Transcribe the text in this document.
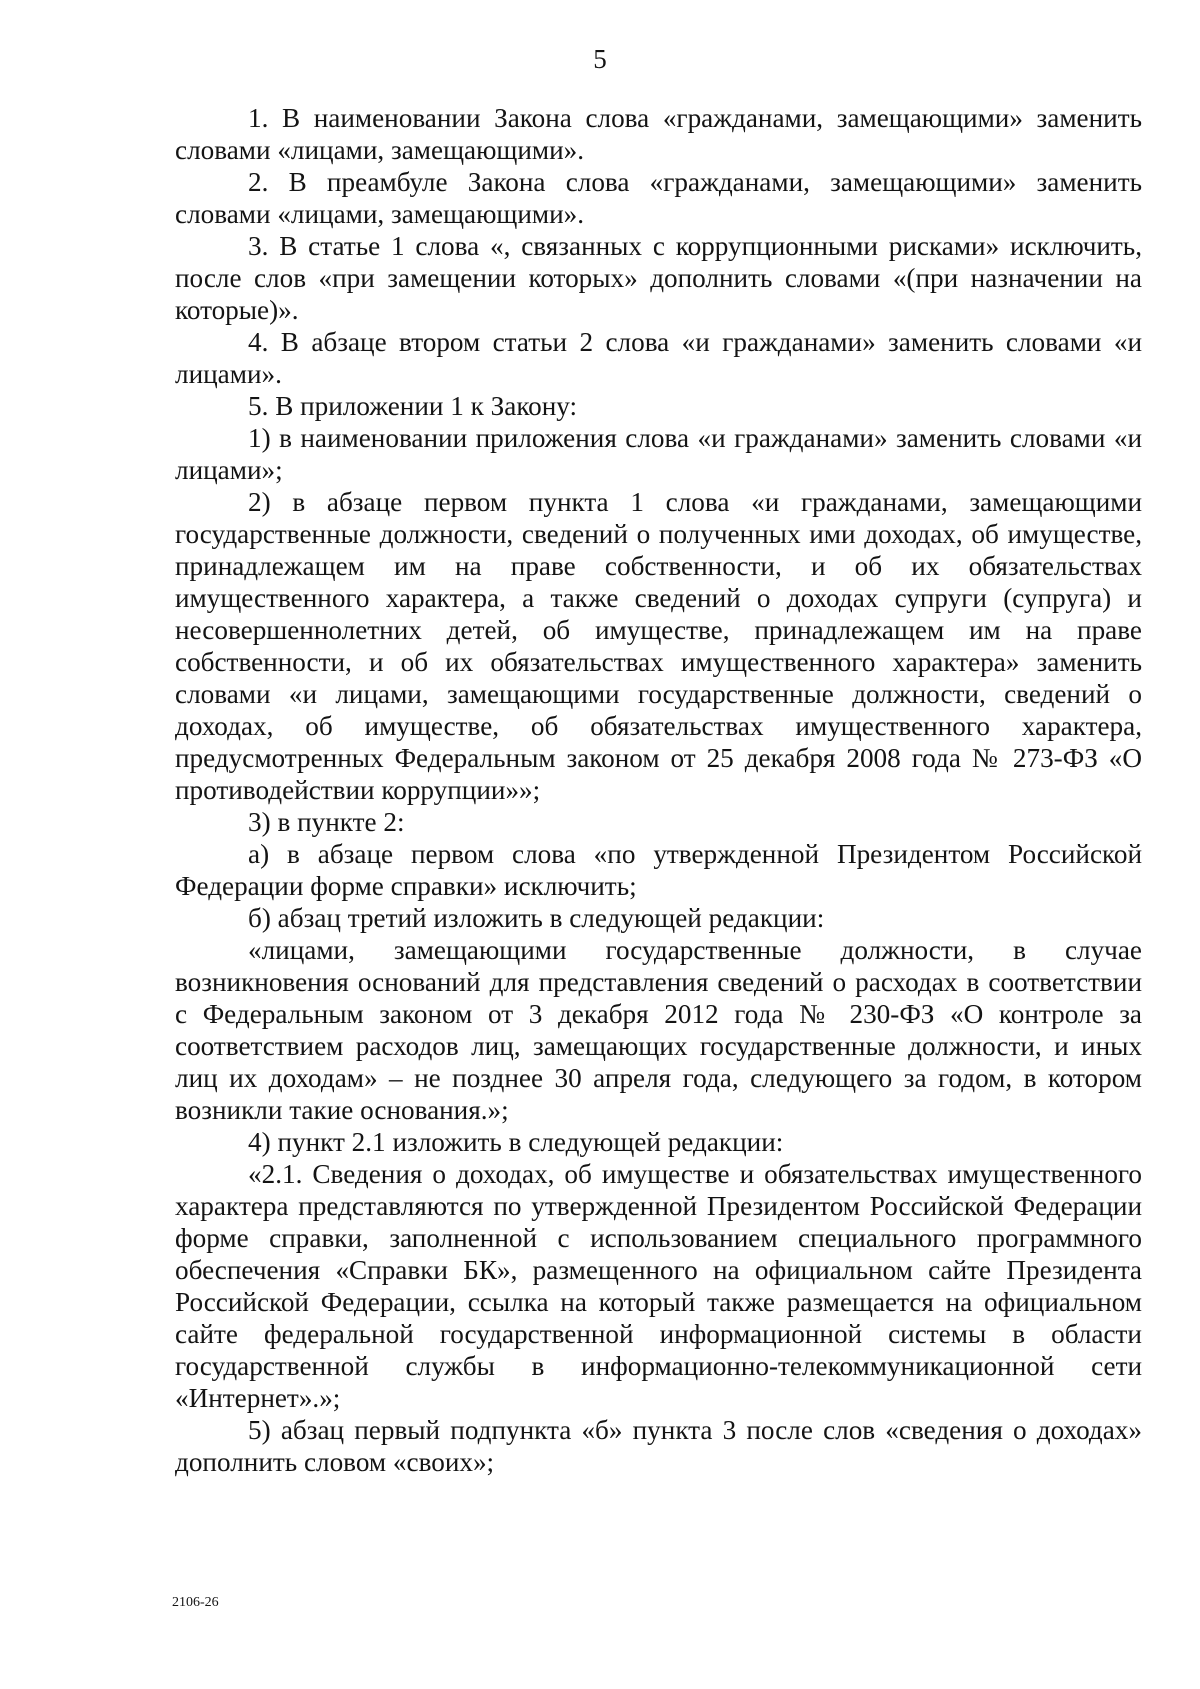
5

1. В наименовании Закона слова «гражданами, замещающими» заменить словами «лицами, замещающими».

2. В преамбуле Закона слова «гражданами, замещающими» заменить словами «лицами, замещающими».

3. В статье 1 слова «, связанных с коррупционными рисками» исключить, после слов «при замещении которых» дополнить словами «(при назначении на которые)».

4. В абзаце втором статьи 2 слова «и гражданами» заменить словами «и лицами».

5. В приложении 1 к Закону:

1) в наименовании приложения слова «и гражданами» заменить словами «и лицами»;

2) в абзаце первом пункта 1 слова «и гражданами, замещающими государственные должности, сведений о полученных ими доходах, об имуществе, принадлежащем им на праве собственности, и об их обязательствах имущественного характера, а также сведений о доходах супруги (супруга) и несовершеннолетних детей, об имуществе, принадлежащем им на праве собственности, и об их обязательствах имущественного характера» заменить словами «и лицами, замещающими государственные должности, сведений о доходах, об имуществе, об обязательствах имущественного характера, предусмотренных Федеральным законом от 25 декабря 2008 года № 273-ФЗ «О противодействии коррупции»»;

3) в пункте 2:

а) в абзаце первом слова «по утвержденной Президентом Российской Федерации форме справки» исключить;

б) абзац третий изложить в следующей редакции:

«лицами, замещающими государственные должности, в случае возникновения оснований для представления сведений о расходах в соответствии с Федеральным законом от 3 декабря 2012 года № 230-ФЗ «О контроле за соответствием расходов лиц, замещающих государственные должности, и иных лиц их доходам» – не позднее 30 апреля года, следующего за годом, в котором возникли такие основания.»;

4) пункт 2.1 изложить в следующей редакции:

«2.1. Сведения о доходах, об имуществе и обязательствах имущественного характера представляются по утвержденной Президентом Российской Федерации форме справки, заполненной с использованием специального программного обеспечения «Справки БК», размещенного на официальном сайте Президента Российской Федерации, ссылка на который также размещается на официальном сайте федеральной государственной информационной системы в области государственной службы в информационно-телекоммуникационной сети «Интернет».»;

5) абзац первый подпункта «б» пункта 3 после слов «сведения о доходах» дополнить словом «своих»;

2106-26
